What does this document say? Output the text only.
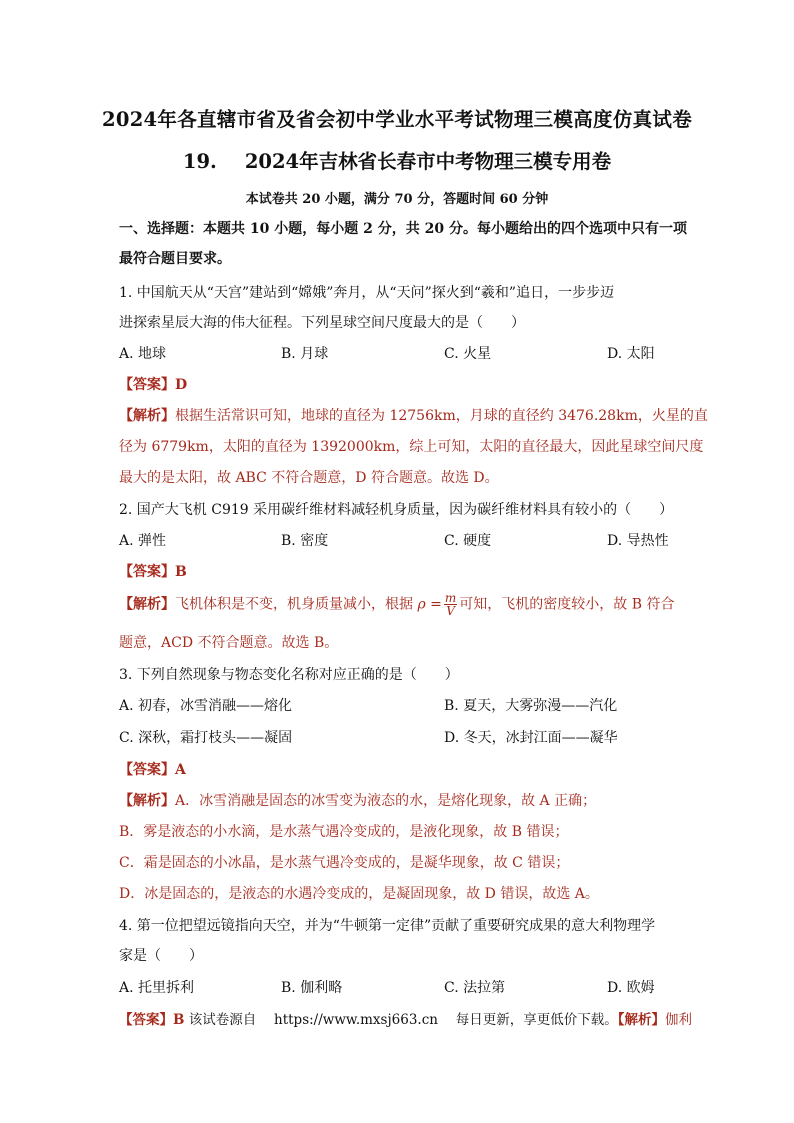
2024年各直辖市省及省会初中学业水平考试物理三模高度仿真试卷
19. 2024年吉林省长春市中考物理三模专用卷
本试卷共 20 小题，满分 70 分，答题时间 60 分钟
一、选择题：本题共 10 小题，每小题 2 分，共 20 分。每小题给出的四个选项中只有一项
最符合题目要求。
1. 中国航天从“天宫”建站到“嫦娥”奔月，从“天问”探火到“羲和”追日，一步步迈
进探索星辰大海的伟大征程。下列星球空间尺度最大的是（　　）
A. 地球	B. 月球	C. 火星	D. 太阳
【答案】D
【解析】根据生活常识可知，地球的直径为 12756km，月球的直径约 3476.28km，火星的直
径为 6779km，太阳的直径为 1392000km，综上可知，太阳的直径最大，因此星球空间尺度
最大的是太阳，故 ABC 不符合题意，D 符合题意。故选 D。
2. 国产大飞机 C919 采用碳纤维材料减轻机身质量，因为碳纤维材料具有较小的（　　）
A. 弹性	B. 密度	C. 硬度	D. 导热性
【答案】B
【解析】飞机体积是不变，机身质量减小，根据 $\rho = \frac{m}{V}$ 可知，飞机的密度较小，故 B 符合
题意，ACD 不符合题意。故选 B。
3. 下列自然现象与物态变化名称对应正确的是（　　）
A. 初春，冰雪消融——熔化	B. 夏天，大雾弥漫——汽化
C. 深秋，霜打枝头——凝固	D. 冬天，冰封江面——凝华
【答案】A
【解析】A．冰雪消融是固态的冰雪变为液态的水，是熔化现象，故 A 正确；
B．雾是液态的小水滴，是水蒸气遇冷变成的，是液化现象，故 B 错误；
C．霜是固态的小冰晶，是水蒸气遇冷变成的，是凝华现象，故 C 错误；
D．冰是固态的，是液态的水遇冷变成的，是凝固现象，故 D 错误，故选 A。
4. 第一位把望远镜指向天空，并为“牛顿第一定律”贡献了重要研究成果的意大利物理学
家是（　　）
A. 托里拆利	B. 伽利略	C. 法拉第	D. 欧姆
【答案】B 该试卷源自　 https://www.mxsj663.cn　 每日更新，享更低价下载。【解析】伽利
